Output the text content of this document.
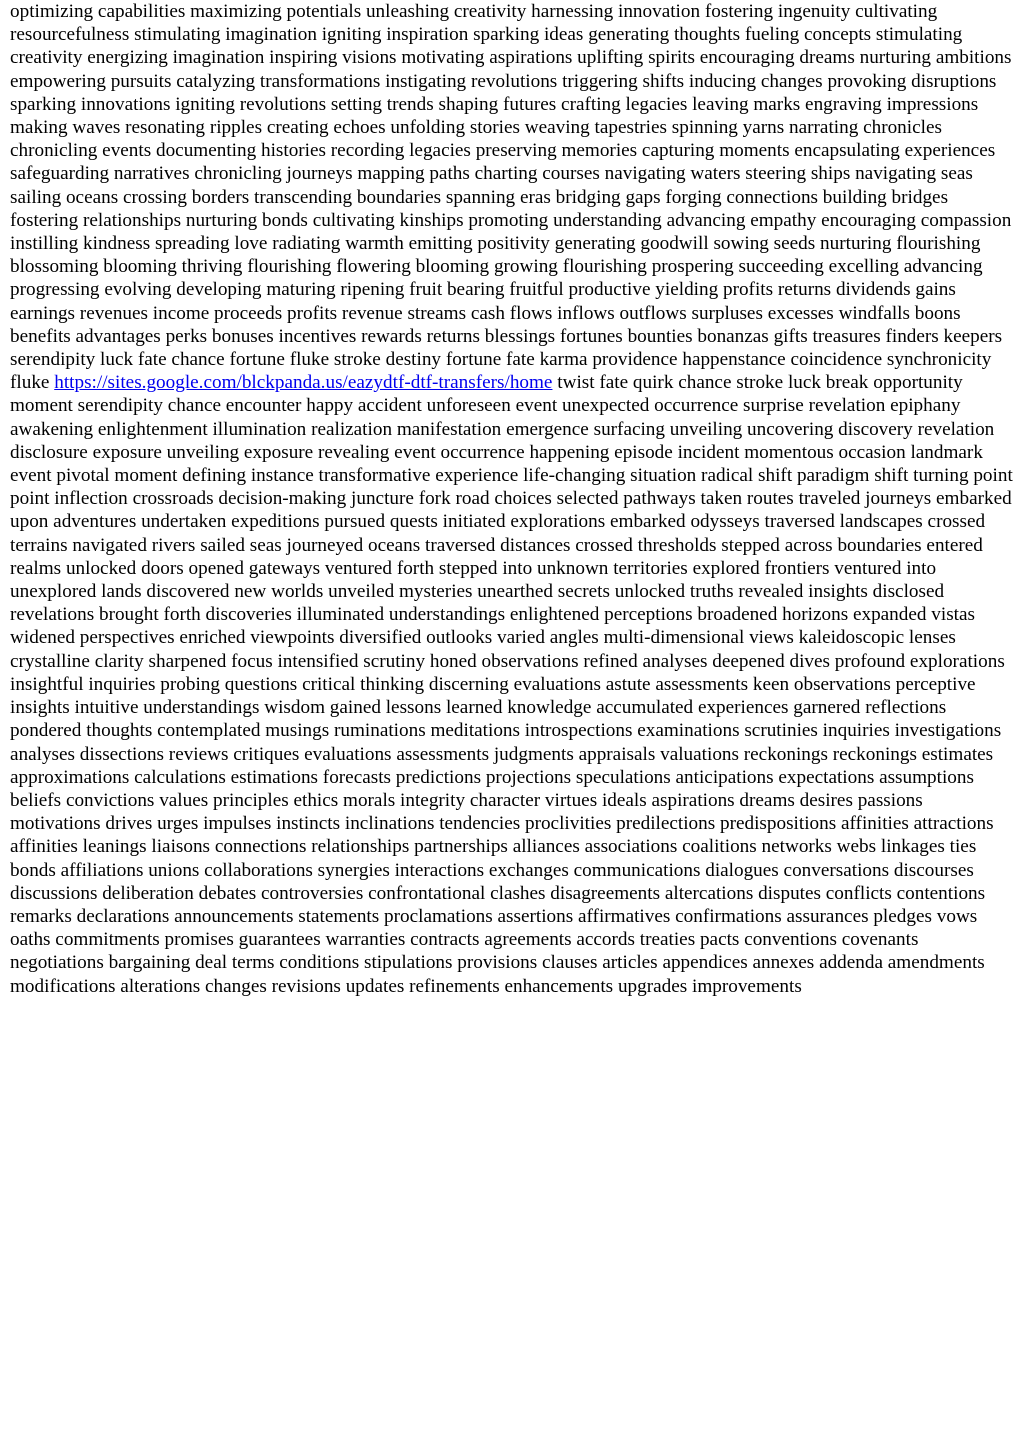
optimizing capabilities maximizing potentials unleashing creativity harnessing innovation fostering ingenuity cultivating resourcefulness stimulating imagination igniting inspiration sparking ideas generating thoughts fueling concepts stimulating creativity energizing imagination inspiring visions motivating aspirations uplifting spirits encouraging dreams nurturing ambitions empowering pursuits catalyzing transformations instigating revolutions triggering shifts inducing changes provoking disruptions sparking innovations igniting revolutions setting trends shaping futures crafting legacies leaving marks engraving impressions making waves resonating ripples creating echoes unfolding stories weaving tapestries spinning yarns narrating chronicles chronicling events documenting histories recording legacies preserving memories capturing moments encapsulating experiences safeguarding narratives chronicling journeys mapping paths charting courses navigating waters steering ships navigating seas sailing oceans crossing borders transcending boundaries spanning eras bridging gaps forging connections building bridges fostering relationships nurturing bonds cultivating kinships promoting understanding advancing empathy encouraging compassion instilling kindness spreading love radiating warmth emitting positivity generating goodwill sowing seeds nurturing flourishing blossoming blooming thriving flourishing flowering blooming growing flourishing prospering succeeding excelling advancing progressing evolving developing maturing ripening fruit bearing fruitful productive yielding profits returns dividends gains earnings revenues income proceeds profits revenue streams cash flows inflows outflows surpluses excesses windfalls boons benefits advantages perks bonuses incentives rewards returns blessings fortunes bounties bonanzas gifts treasures finders keepers serendipity luck fate chance fortune fluke stroke destiny fortune fate karma providence happenstance coincidence synchronicity fluke https://sites.google.com/blckpanda.us/eazydtf-dtf-transfers/home twist fate quirk chance stroke luck break opportunity moment serendipity chance encounter happy accident unforeseen event unexpected occurrence surprise revelation epiphany awakening enlightenment illumination realization manifestation emergence surfacing unveiling uncovering discovery revelation disclosure exposure unveiling exposure revealing event occurrence happening episode incident momentous occasion landmark event pivotal moment defining instance transformative experience life-changing situation radical shift paradigm shift turning point point inflection crossroads decision-making juncture fork road choices selected pathways taken routes traveled journeys embarked upon adventures undertaken expeditions pursued quests initiated explorations embarked odysseys traversed landscapes crossed terrains navigated rivers sailed seas journeyed oceans traversed distances crossed thresholds stepped across boundaries entered realms unlocked doors opened gateways ventured forth stepped into unknown territories explored frontiers ventured into unexplored lands discovered new worlds unveiled mysteries unearthed secrets unlocked truths revealed insights disclosed revelations brought forth discoveries illuminated understandings enlightened perceptions broadened horizons expanded vistas widened perspectives enriched viewpoints diversified outlooks varied angles multi-dimensional views kaleidoscopic lenses crystalline clarity sharpened focus intensified scrutiny honed observations refined analyses deepened dives profound explorations insightful inquiries probing questions critical thinking discerning evaluations astute assessments keen observations perceptive insights intuitive understandings wisdom gained lessons learned knowledge accumulated experiences garnered reflections pondered thoughts contemplated musings ruminations meditations introspections examinations scrutinies inquiries investigations analyses dissections reviews critiques evaluations assessments judgments appraisals valuations reckonings reckonings estimates approximations calculations estimations forecasts predictions projections speculations anticipations expectations assumptions beliefs convictions values principles ethics morals integrity character virtues ideals aspirations dreams desires passions motivations drives urges impulses instincts inclinations tendencies proclivities predilections predispositions affinities attractions affinities leanings liaisons connections relationships partnerships alliances associations coalitions networks webs linkages ties bonds affiliations unions collaborations synergies interactions exchanges communications dialogues conversations discourses discussions deliberation debates controversies confrontational clashes disagreements altercations disputes conflicts contentions remarks declarations announcements statements proclamations assertions affirmatives confirmations assurances pledges vows oaths commitments promises guarantees warranties contracts agreements accords treaties pacts conventions covenants negotiations bargaining deal terms conditions stipulations provisions clauses articles appendices annexes addenda amendments modifications alterations changes revisions updates refinements enhancements upgrades improvements
